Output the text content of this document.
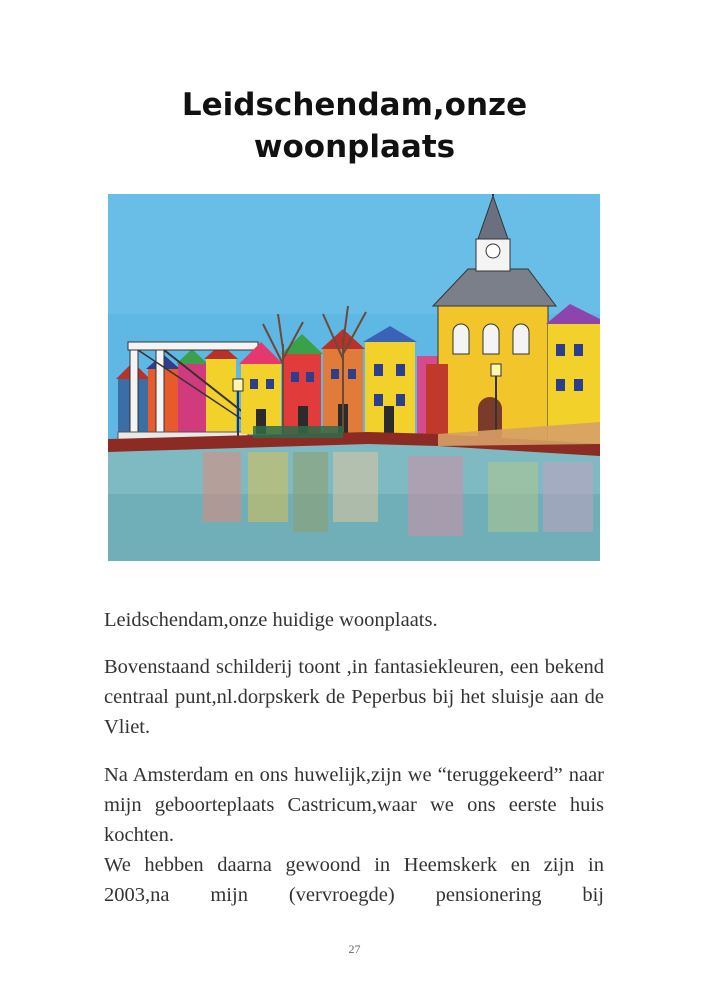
Leidschendam,onze
woonplaats

Leidschendam,onze huidige woonplaats.

Bovenstaand schilderij toont ,in fantasiekleuren, een bekend centraal punt,nl.dorpskerk de Peperbus bij het sluisje aan de Vliet.

Na Amsterdam en ons huwelijk,zijn we “teruggekeerd” naar mijn geboorteplaats Castricum,waar we ons eerste huis kochten.

We hebben daarna gewoond in Heemskerk en zijn in 2003,na mijn (vervroegde) pensionering bij

27
